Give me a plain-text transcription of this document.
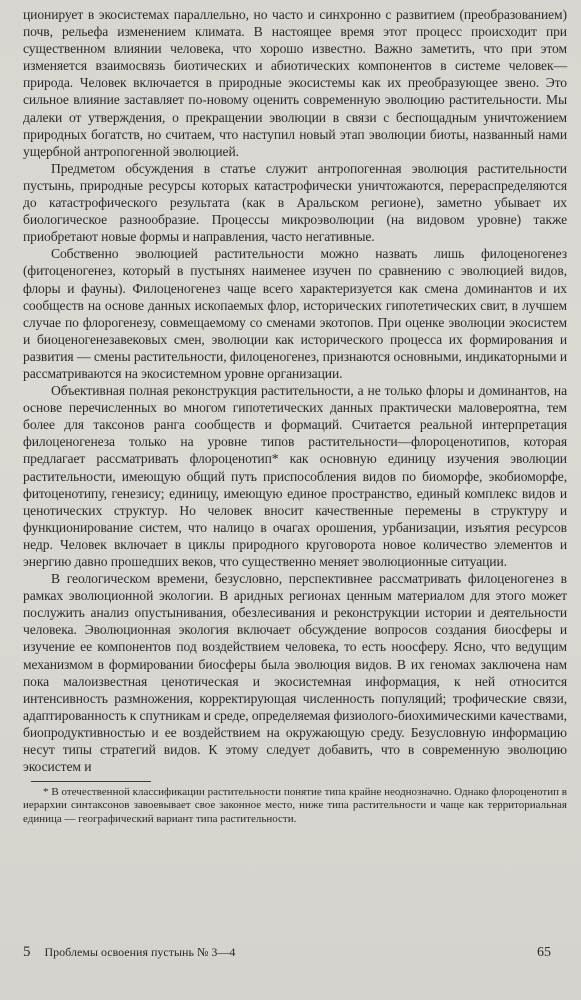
ционирует в экосистемах параллельно, но часто и синхронно с развитием (преобразованием) почв, рельефа изменением климата. В настоящее время этот процесс происходит при существенном влиянии человека, что хорошо известно. Важно заметить, что при этом изменяется взаимосвязь биотических и абиотических компонентов в системе человек—природа. Человек включается в природные экосистемы как их преобразующее звено. Это сильное влияние заставляет по-новому оценить современную эволюцию растительности. Мы далеки от утверждения, о прекращении эволюции в связи с беспощадным уничтожением природных богатств, но считаем, что наступил новый этап эволюции биоты, названный нами ущербной антропогенной эволюцией.

Предметом обсуждения в статье служит антропогенная эволюция растительности пустынь, природные ресурсы которых катастрофически уничтожаются, перераспределяются до катастрофического результата (как в Аральском регионе), заметно убывает их биологическое разнообразие. Процессы микроэволюции (на видовом уровне) также приобретают новые формы и направления, часто негативные.

Собственно эволюцией растительности можно назвать лишь филоценогенез (фитоценогенез, который в пустынях наименее изучен по сравнению с эволюцией видов, флоры и фауны). Филоценогенез чаще всего характеризуется как смена доминантов и их сообществ на основе данных ископаемых флор, исторических гипотетических свит, в лучшем случае по флорогенезу, совмещаемому со сменами экотопов. При оценке эволюции экосистем и биоценогенезавековых смен, эволюции как исторического процесса их формирования и развития — смены растительности, филоценогенез, признаются основными, индикаторными и рассматриваются на экосистемном уровне организации.

Объективная полная реконструкция растительности, а не только флоры и доминантов, на основе перечисленных во многом гипотетических данных практически маловероятна, тем более для таксонов ранга сообществ и формаций. Считается реальной интерпретация филоценогенеза только на уровне типов растительности—флороценотипов, которая предлагает рассматривать флороценотип* как основную единицу изучения эволюции растительности, имеющую общий путь приспособления видов по биоморфе, экобиоморфе, фитоценотипу, генезису; единицу, имеющую единое пространство, единый комплекс видов и ценотических структур. Но человек вносит качественные перемены в структуру и функционирование систем, что налицо в очагах орошения, урбанизации, изъятия ресурсов недр. Человек включает в циклы природного круговорота новое количество элементов и энергию давно прошедших веков, что существенно меняет эволюционные ситуации.

В геологическом времени, безусловно, перспективнее рассматривать филоценогенез в рамках эволюционной экологии. В аридных регионах ценным материалом для этого может послужить анализ опустынивания, обезлесивания и реконструкции истории и деятельности человека. Эволюционная экология включает обсуждение вопросов создания биосферы и изучение ее компонентов под воздействием человека, то есть ноосферу. Ясно, что ведущим механизмом в формировании биосферы была эволюция видов. В их геномах заключена нам пока малоизвестная ценотическая и экосистемная информация, к ней относится интенсивность размножения, корректирующая численность популяций; трофические связи, адаптированность к спутникам и среде, определяемая физиолого-биохимическими качествами, биопродуктивностью и ее воздействием на окружающую среду. Безусловную информацию несут типы стратегий видов. К этому следует добавить, что в современную эволюцию экосистем и

* В отечественной классификации растительности понятие типа крайне неоднозначно. Однако флороценотип в иерархии синтаксонов завоевывает свое законное место, ниже типа растительности и чаще как территориальная единица — географический вариант типа растительности.

5 Проблемы освоения пустынь № 3—4	65
